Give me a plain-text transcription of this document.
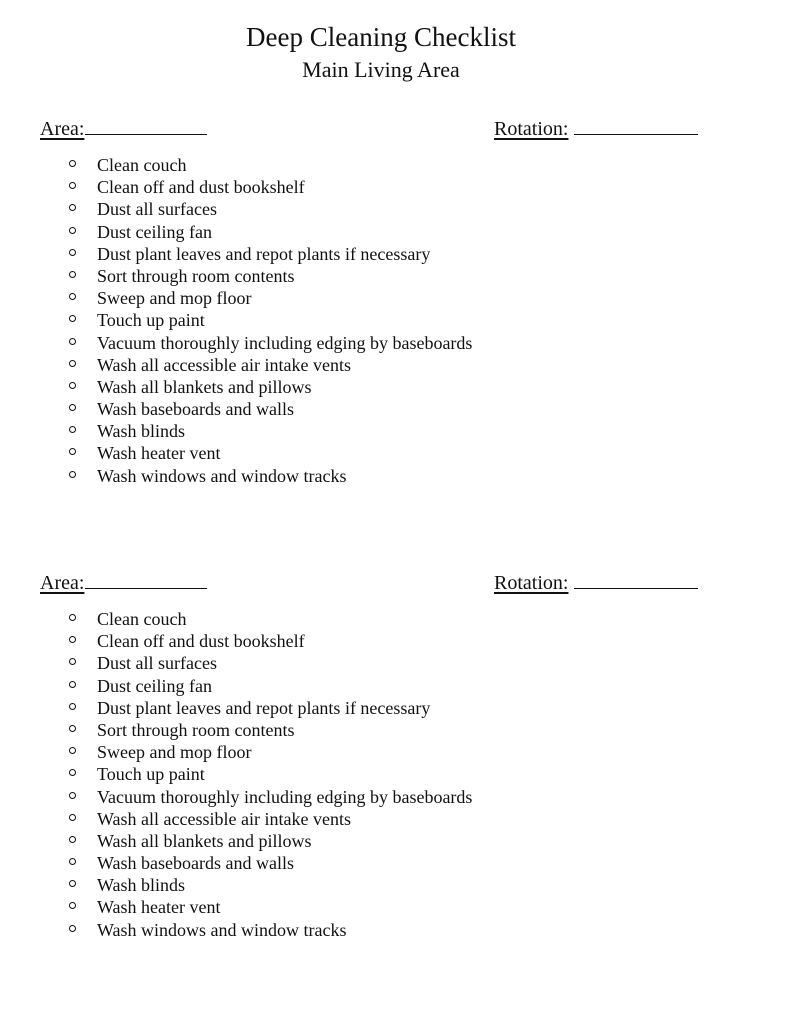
Deep Cleaning Checklist
Main Living Area
Area:	Rotation:
Clean couch
Clean off and dust bookshelf
Dust all surfaces
Dust ceiling fan
Dust plant leaves and repot plants if necessary
Sort through room contents
Sweep and mop floor
Touch up paint
Vacuum thoroughly including edging by baseboards
Wash all accessible air intake vents
Wash all blankets and pillows
Wash baseboards and walls
Wash blinds
Wash heater vent
Wash windows and window tracks
Area:	Rotation:
Clean couch
Clean off and dust bookshelf
Dust all surfaces
Dust ceiling fan
Dust plant leaves and repot plants if necessary
Sort through room contents
Sweep and mop floor
Touch up paint
Vacuum thoroughly including edging by baseboards
Wash all accessible air intake vents
Wash all blankets and pillows
Wash baseboards and walls
Wash blinds
Wash heater vent
Wash windows and window tracks
